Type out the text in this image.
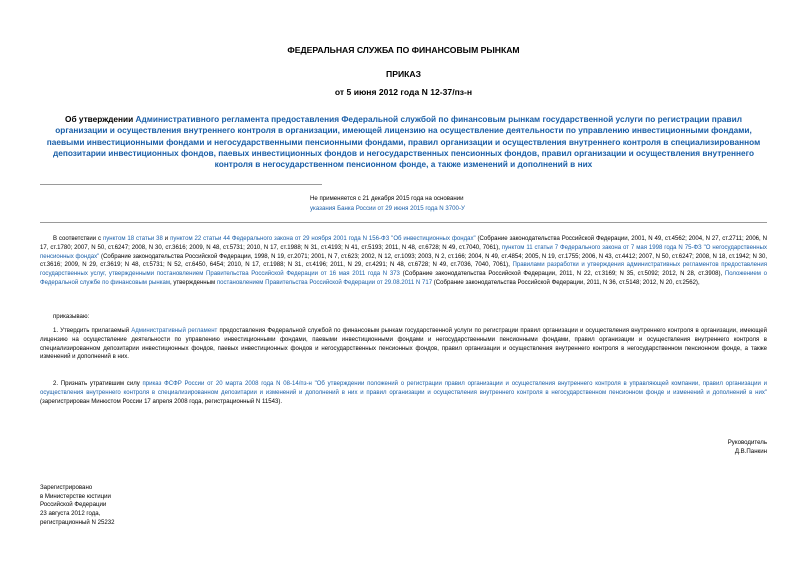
ФЕДЕРАЛЬНАЯ СЛУЖБА ПО ФИНАНСОВЫМ РЫНКАМ
ПРИКАЗ
от 5 июня 2012 года N 12-37/пз-н
Об утверждении Административного регламента предоставления Федеральной службой по финансовым рынкам государственной услуги по регистрации правил организации и осуществления внутреннего контроля в организации, имеющей лицензию на осуществление деятельности по управлению инвестиционными фондами, паевыми инвестиционными фондами и негосударственными пенсионными фондами, правил организации и осуществления внутреннего контроля в специализированном депозитарии инвестиционных фондов, паевых инвестиционных фондов и негосударственных пенсионных фондов, правил организации и осуществления внутреннего контроля в негосударственном пенсионном фонде, а также изменений и дополнений в них
Не применяется с 21 декабря 2015 года на основании
указания Банка России от 29 июня 2015 года N 3700-У

В соответствии с пунктом 18 статьи 38 и пунктом 22 статьи 44 Федерального закона от 29 ноября 2001 года N 156-ФЗ "Об инвестиционных фондах" (Собрание законодательства Российской Федерации, 2001, N 49, ст.4562; 2004, N 27, ст.2711; 2006, N 17, ст.1780; 2007, N 50, ст.6247; 2008, N 30, ст.3616; 2009, N 48, ст.5731; 2010, N 17, ст.1988; N 31, ст.4193; N 41, ст.5193; 2011, N 48, ст.6728; N 49, ст.7040, 7061), пунктом 11 статьи 7 Федерального закона от 7 мая 1998 года N 75-ФЗ "О негосударственных пенсионных фондах" (Собрание законодательства Российской Федерации, 1998, N 19, ст.2071; 2001, N 7, ст.623; 2002, N 12, ст.1093; 2003, N 2, ст.166; 2004, N 49, ст.4854; 2005, N 19, ст.1755; 2006, N 43, ст.4412; 2007, N 50, ст.6247; 2008, N 18, ст.1942; N 30, ст.3616; 2009, N 29, ст.3619; N 48, ст.5731; N 52, ст.6450, 6454; 2010, N 17, ст.1988; N 31, ст.4196; 2011, N 29, ст.4291; N 48, ст.6728; N 49, ст.7036, 7040, 7061), Правилами разработки и утверждения административных регламентов предоставления государственных услуг, утвержденными постановлением Правительства Российской Федерации от 16 мая 2011 года N 373 (Собрание законодательства Российской Федерации, 2011, N 22, ст.3169; N 35, ст.5092; 2012, N 28, ст.3908), Положением о Федеральной службе по финансовым рынкам, утвержденным постановлением Правительства Российской Федерации от 29.08.2011 N 717 (Собрание законодательства Российской Федерации, 2011, N 36, ст.5148; 2012, N 20, ст.2562),

приказываю:

1. Утвердить прилагаемый Административный регламент предоставления Федеральной службой по финансовым рынкам государственной услуги по регистрации правил организации и осуществления внутреннего контроля в организации, имеющей лицензию на осуществление деятельности по управлению инвестиционными фондами, паевыми инвестиционными фондами и негосударственными пенсионными фондами, правил организации и осуществления внутреннего контроля в специализированном депозитарии инвестиционных фондов, паевых инвестиционных фондов и негосударственных пенсионных фондов, правил организации и осуществления внутреннего контроля в негосударственном пенсионном фонде, а также изменений и дополнений в них.

2. Признать утратившим силу приказ ФСФР России от 20 марта 2008 года N 08-14/пз-н "Об утверждении положений о регистрации правил организации и осуществления внутреннего контроля в управляющей компании, правил организации и осуществления внутреннего контроля в специализированном депозитарии и изменений и дополнений в них и правил организации и осуществления внутреннего контроля в негосударственном пенсионном фонде и изменений и дополнений в них" (зарегистрирован Минюстом России 17 апреля 2008 года, регистрационный N 11543).

Руководитель
Д.В.Панкин
Зарегистрировано
в Министерстве юстиции
Российской Федерации
23 августа 2012 года,
регистрационный N 25232
